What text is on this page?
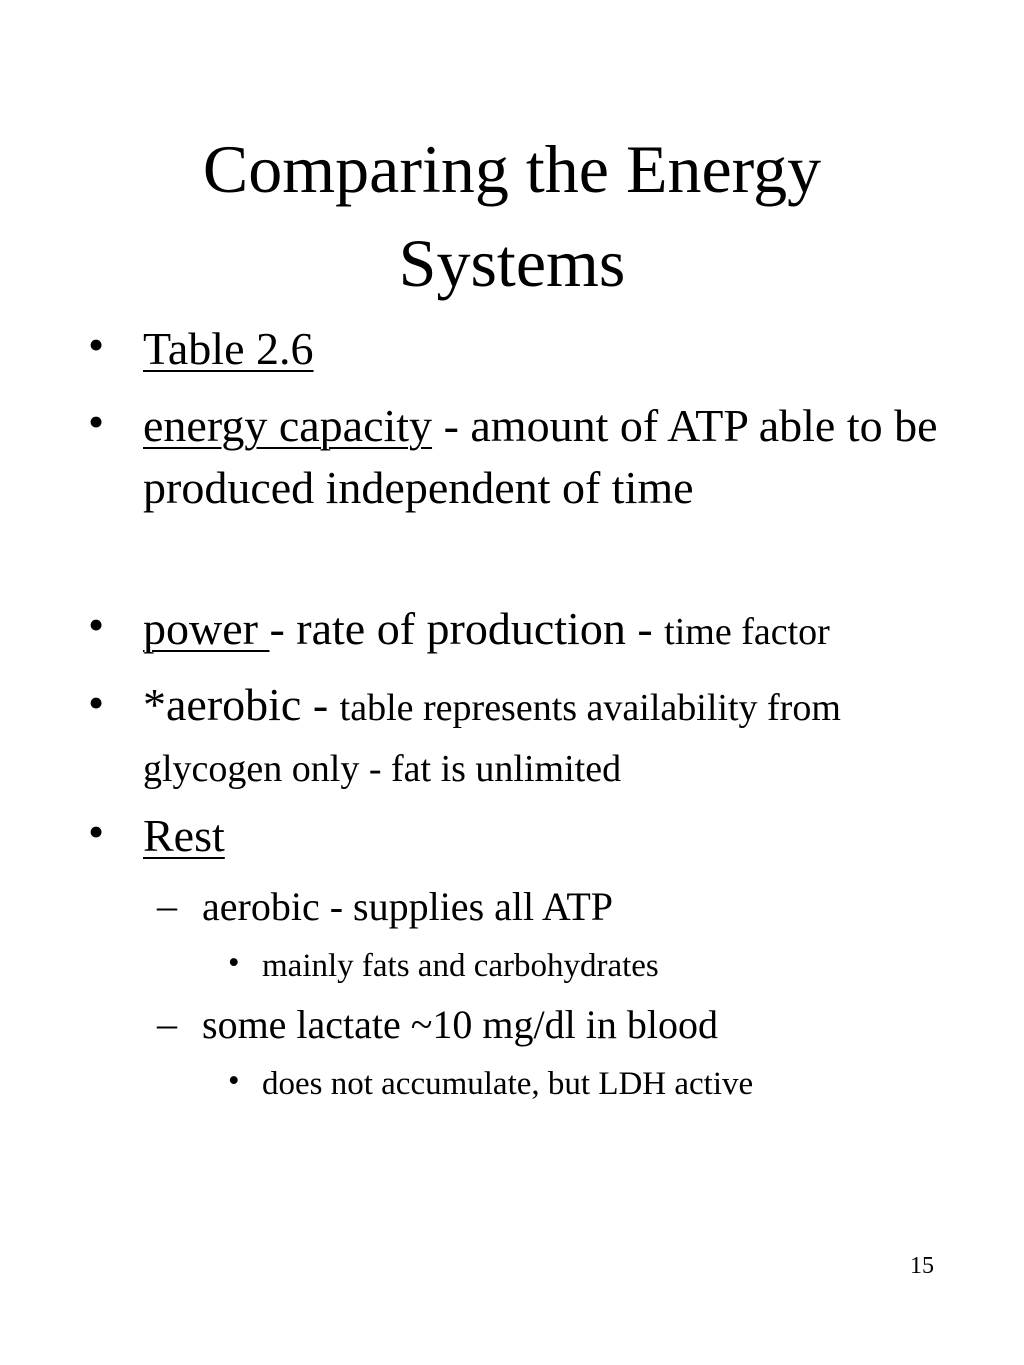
Comparing the Energy
Systems
• Table 2.6
• energy capacity - amount of ATP able to be produced independent of time
• power - rate of production - time factor
• *aerobic - table represents availability from glycogen only - fat is unlimited
• Rest
– aerobic - supplies all ATP
• mainly fats and carbohydrates
– some lactate ~10 mg/dl in blood
• does not accumulate, but LDH active
15
